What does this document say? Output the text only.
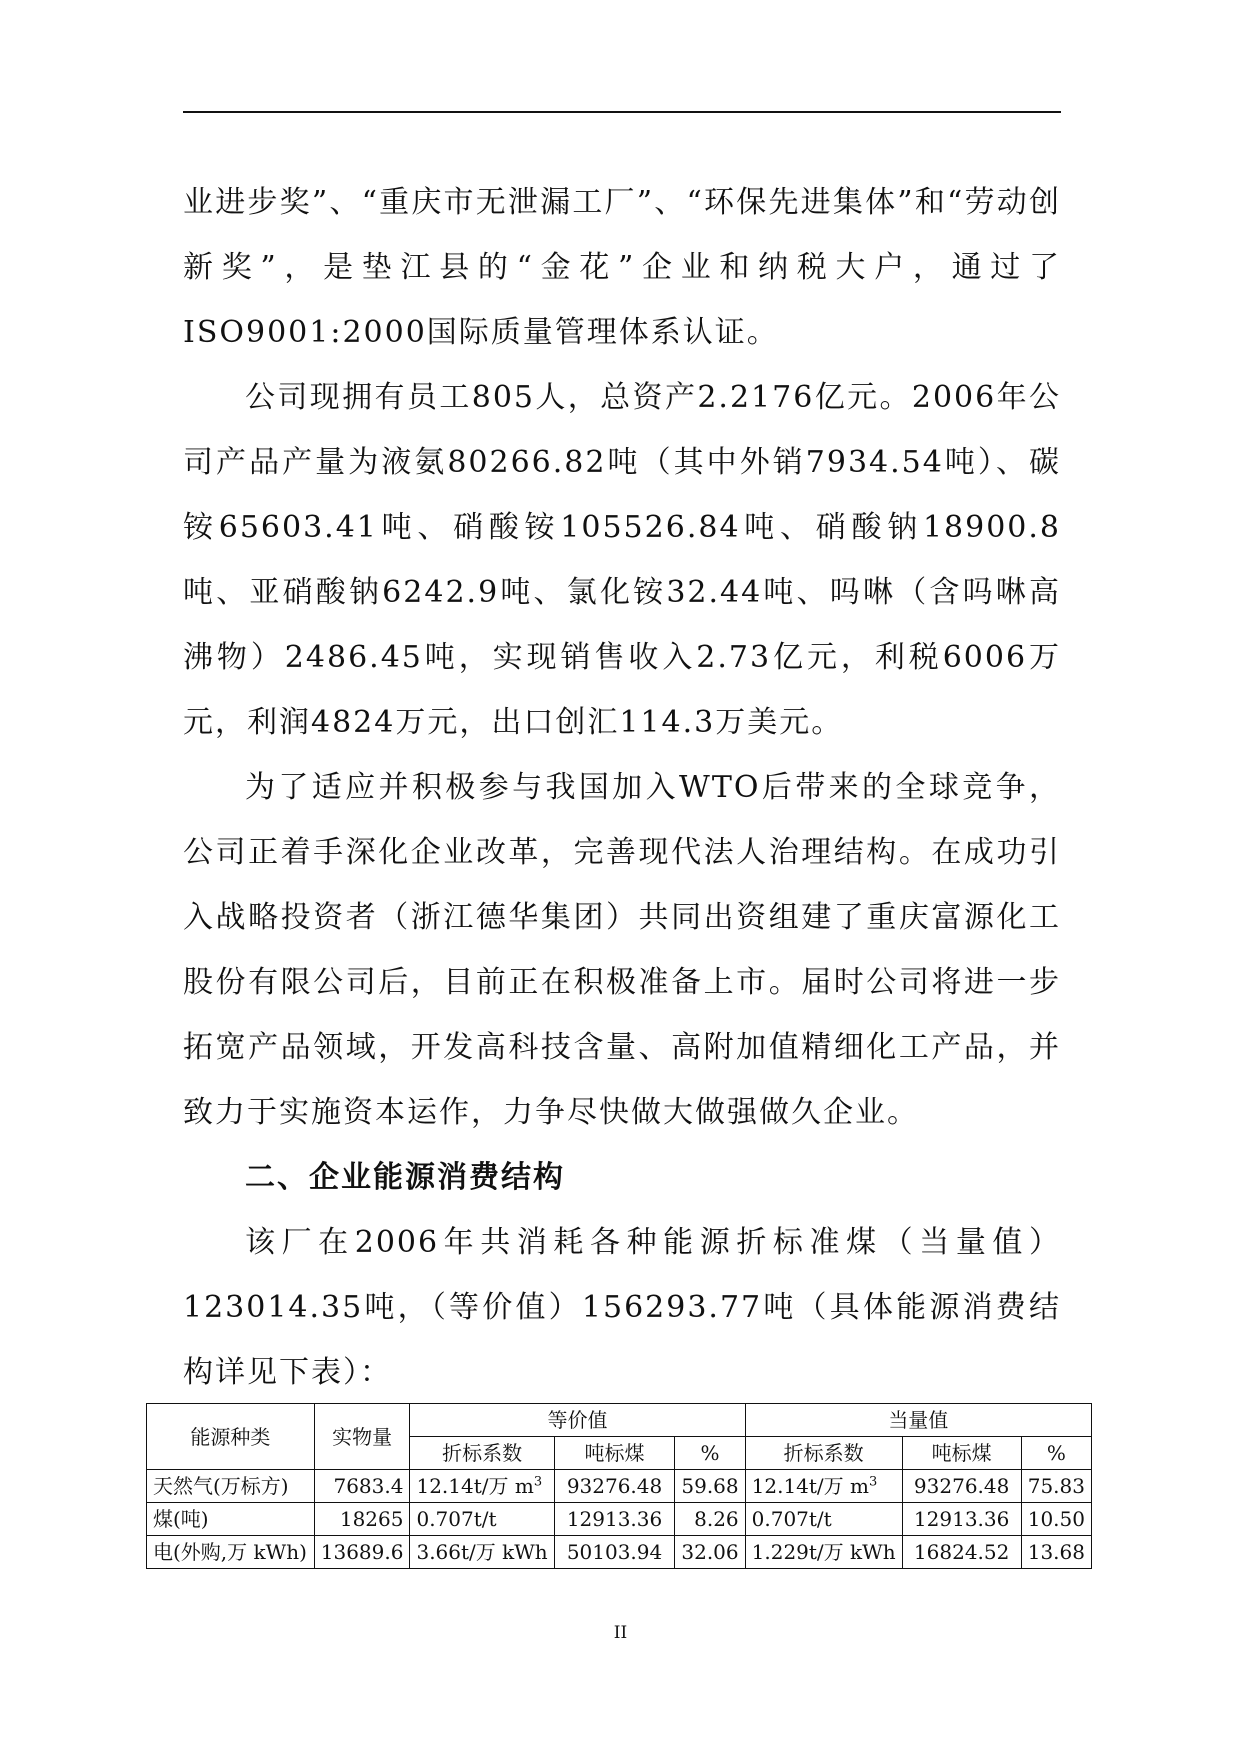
业进步奖”、“重庆市无泄漏工厂”、“环保先进集体”和“劳动创新奖”，是垫江县的“金花”企业和纳税大户，通过了ISO9001:2000国际质量管理体系认证。

公司现拥有员工805人，总资产2.2176亿元。2006年公司产品产量为液氨80266.82吨（其中外销7934.54吨）、碳铵65603.41吨、硝酸铵105526.84吨、硝酸钠18900.8吨、亚硝酸钠6242.9吨、氯化铵32.44吨、吗啉（含吗啉高沸物）2486.45吨，实现销售收入2.73亿元，利税6006万元，利润4824万元，出口创汇114.3万美元。

为了适应并积极参与我国加入WTO后带来的全球竞争，公司正着手深化企业改革，完善现代法人治理结构。在成功引入战略投资者（浙江德华集团）共同出资组建了重庆富源化工股份有限公司后，目前正在积极准备上市。届时公司将进一步拓宽产品领域，开发高科技含量、高附加值精细化工产品，并致力于实施资本运作，力争尽快做大做强做久企业。

二、企业能源消费结构

该厂在2006年共消耗各种能源折标准煤（当量值）

123014.35吨，（等价值）156293.77吨（具体能源消费结构详见下表）：

能源种类	实物量	等价值			当量值		
		折标系数	吨标煤	%	折标系数	吨标煤	%
天然气(万标方)	7683.4	12.14t/万 $m^3$	93276.48	59.68	12.14t/万 $m^3$	93276.48	75.83
煤(吨)	18265	0.707t/t	12913.36	8.26	0.707t/t	12913.36	10.50
电(外购,万 kWh)	13689.6	3.66t/万 kWh	50103.94	32.06	1.229t/万 kWh	16824.52	13.68
II
